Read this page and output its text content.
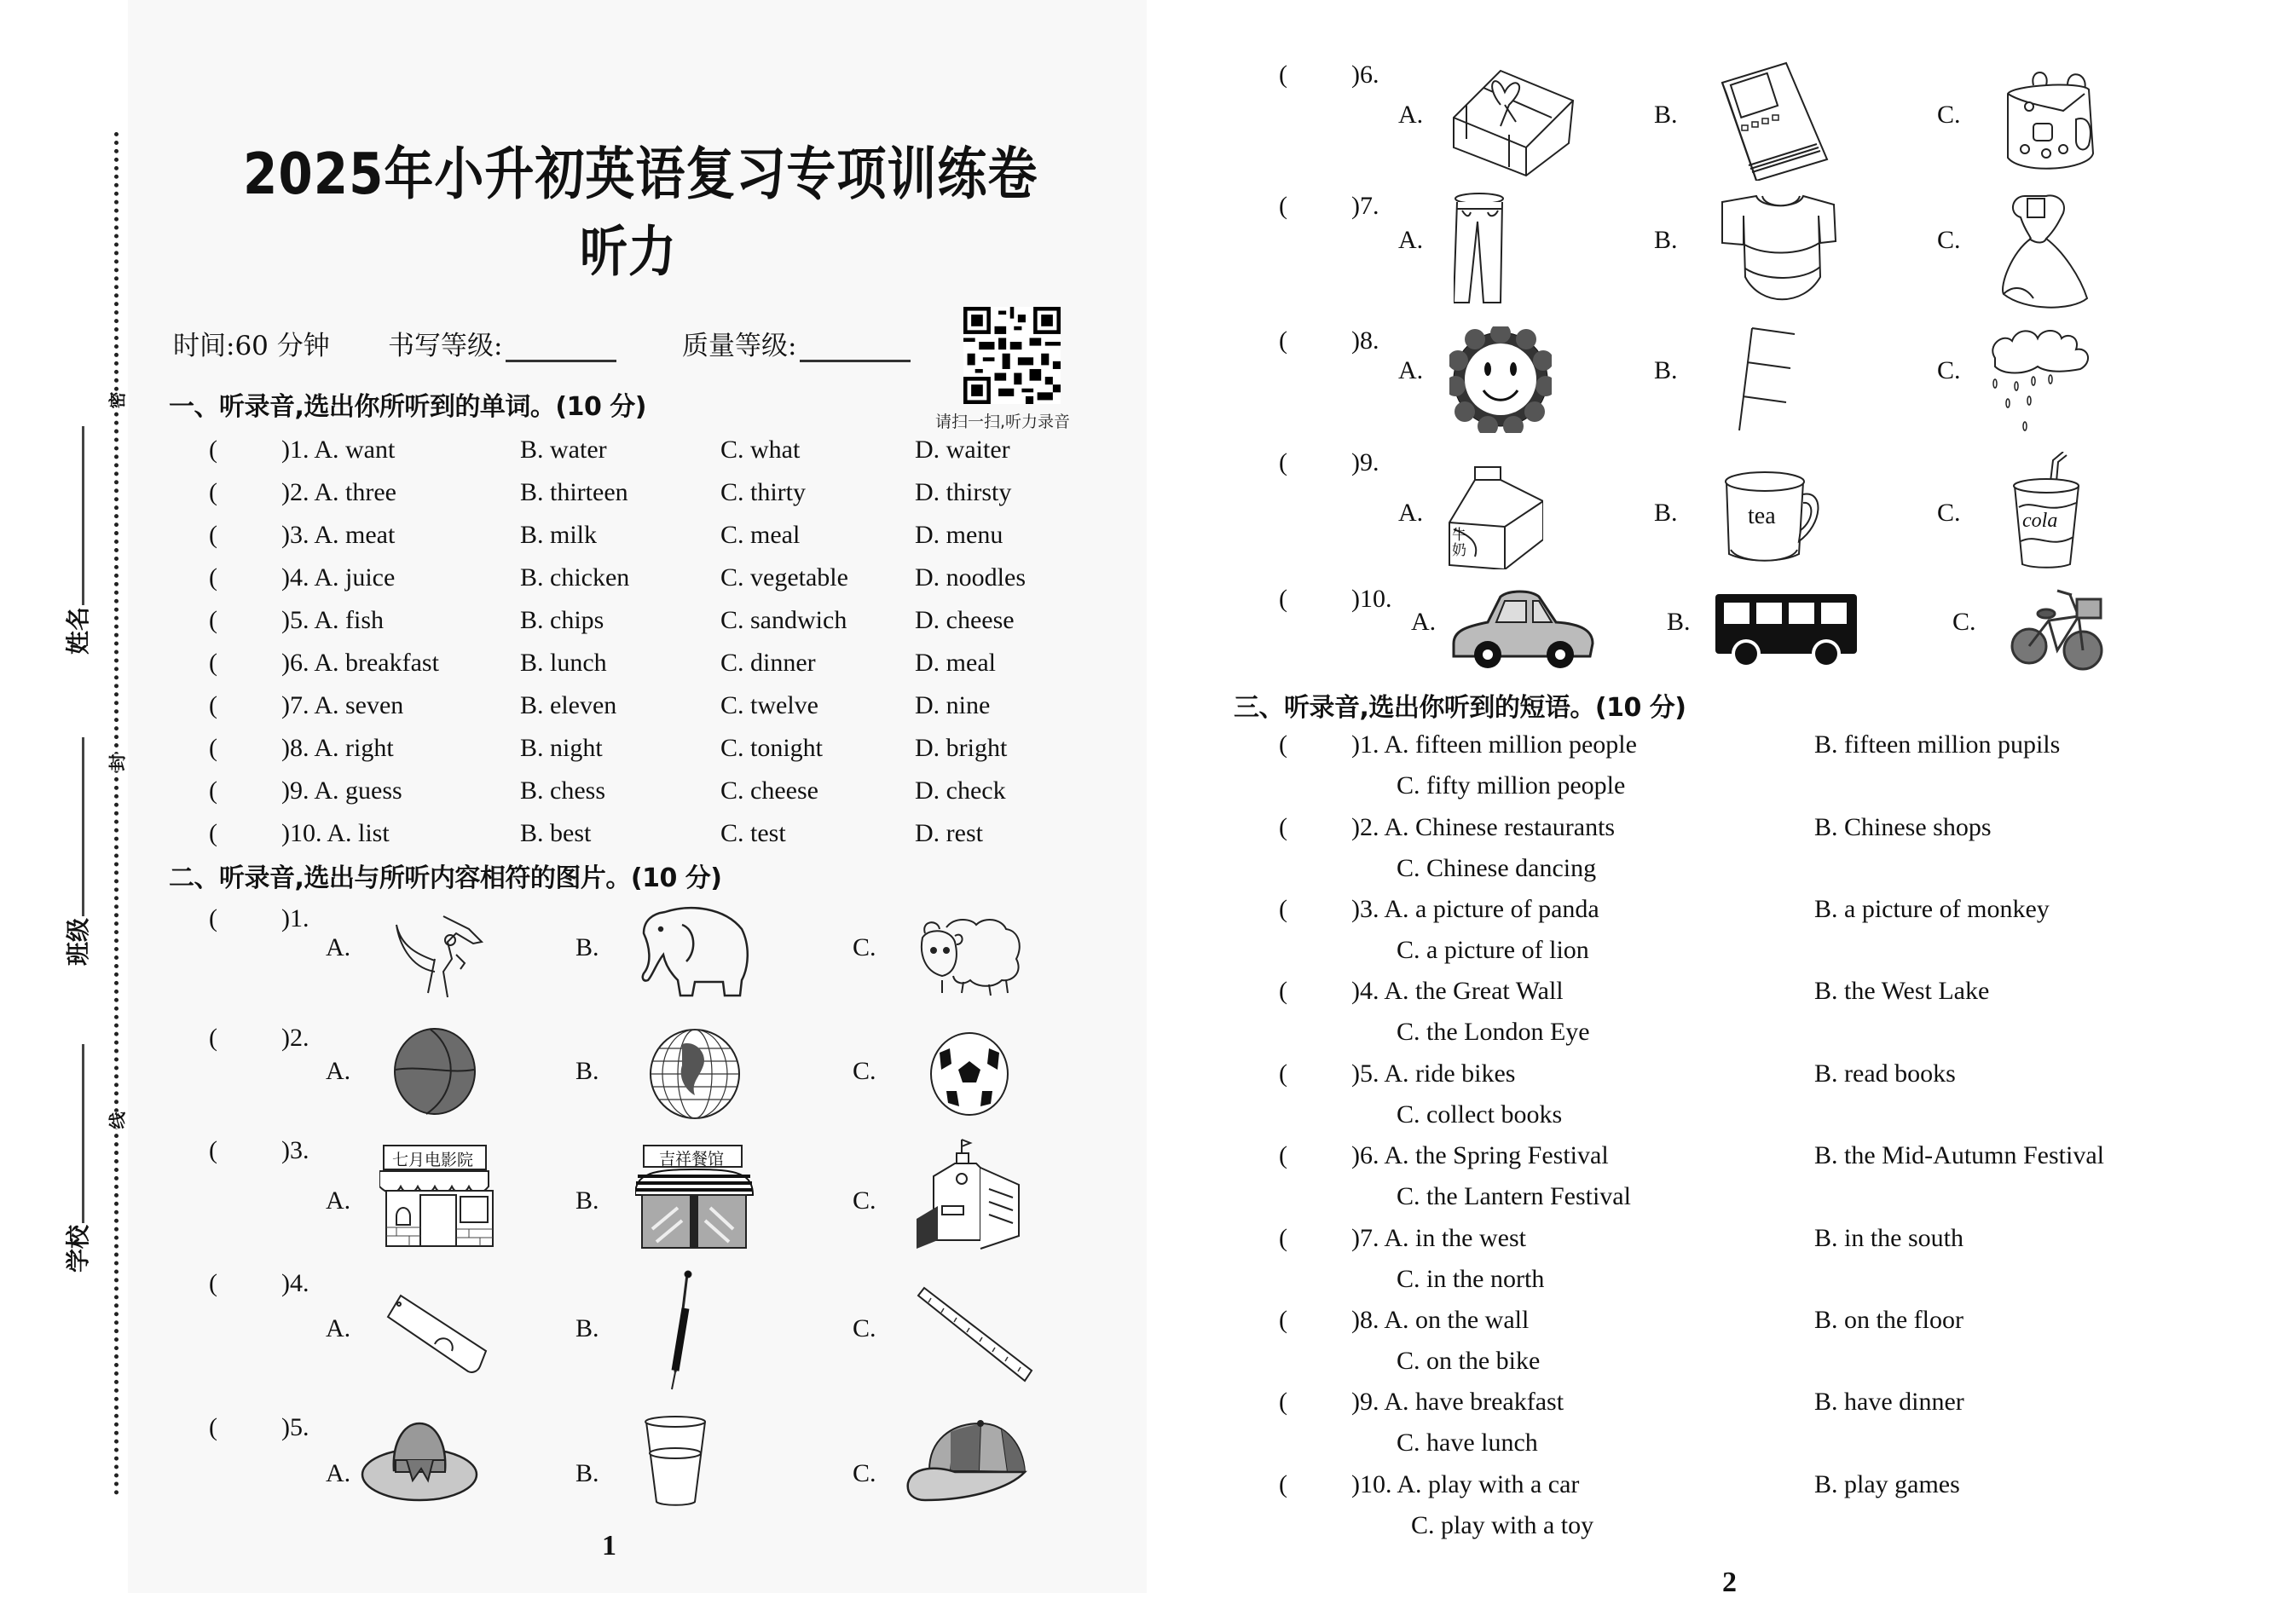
密
封
线
姓名
班级
学校
2025年小升初英语复习专项训练卷
听力
时间:60 分钟 书写等级:	质量等级:
请扫一扫,听力录音
一、听录音,选出你所听到的单词。(10 分)
(	)1. A. want	B. water	C. what	D. waiter
(	)2. A. three	B. thirteen	C. thirty	D. thirsty
(	)3. A. meat	B. milk	C. meal	D. menu
(	)4. A. juice	B. chicken	C. vegetable	D. noodles
(	)5. A. fish	B. chips	C. sandwich	D. cheese
(	)6. A. breakfast	B. lunch	C. dinner	D. meal
(	)7. A. seven	B. eleven	C. twelve	D. nine
(	)8. A. right	B. night	C. tonight	D. bright
(	)9. A. guess	B. chess	C. cheese	D. check
(	)10. A. list	B. best	C. test	D. rest
二、听录音,选出与所听内容相符的图片。(10 分)
(	)1.
A.	B.	C.
(	)2.
A.	B.	C.
(	)3.
A.
七月电影院
B.
吉祥餐馆
C.
(	)4.
A.	B.	C.
(	)5.
A.	B.	C.
1
(	)6.
A.	B.	C.
(	)7.
A.	B.	C.
(	)8.
A.	B.	C.
(	)9.
A.
牛奶
B.	tea	C.	cola
(	)10.
A.	B.	C.
三、听录音,选出你听到的短语。(10 分)
(	)1. A. fifteen million people	B. fifteen million pupils
C. fifty million people
(	)2. A. Chinese restaurants	B. Chinese shops
C. Chinese dancing
(	)3. A. a picture of panda	B. a picture of monkey
C. a picture of lion
(	)4. A. the Great Wall	B. the West Lake
C. the London Eye
(	)5. A. ride bikes	B. read books
C. collect books
(	)6. A. the Spring Festival	B. the Mid-Autumn Festival
C. the Lantern Festival
(	)7. A. in the west	B. in the south
C. in the north
(	)8. A. on the wall	B. on the floor
C. on the bike
(	)9. A. have breakfast	B. have dinner
C. have lunch
(	)10. A. play with a car	B. play games
C. play with a toy
2
